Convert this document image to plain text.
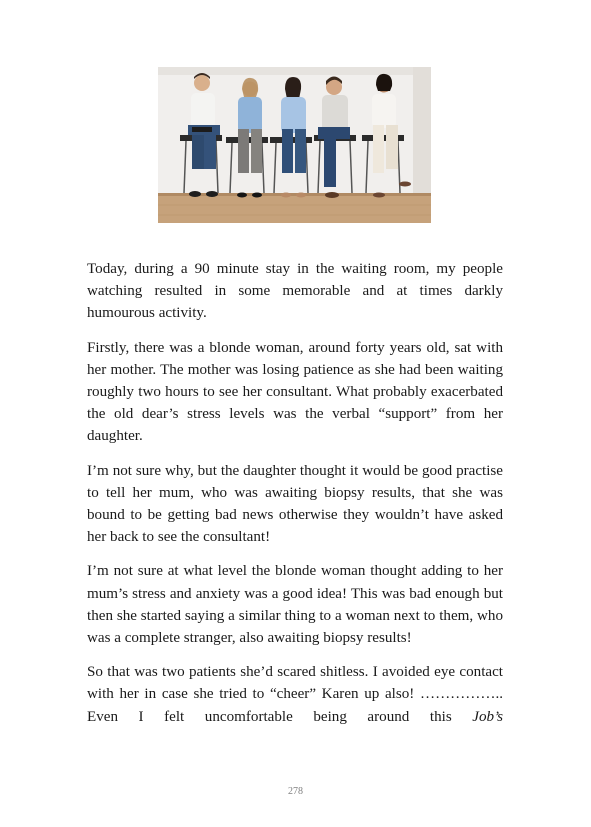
Today, during a 90 minute stay in the waiting room, my people watching resulted in some memorable and at times darkly humourous activity.

Firstly, there was a blonde woman, around forty years old, sat with her mother. The mother was losing patience as she had been waiting roughly two hours to see her consultant. What probably exacerbated the old dear’s stress levels was the verbal “support” from her daughter.

I’m not sure why, but the daughter thought it would be good practise to tell her mum, who was awaiting biopsy results, that she was bound to be getting bad news otherwise they wouldn’t have asked her back to see the consultant!

I’m not sure at what level the blonde woman thought adding to her mum’s stress and anxiety was a good idea! This was bad enough but then she started saying a similar thing to a woman next to them, who was a complete stranger, also awaiting biopsy results!

So that was two patients she’d scared shitless. I avoided eye contact with her in case she tried to “cheer” Karen up also! …………….. Even I felt uncomfortable being around this Job’s

278
